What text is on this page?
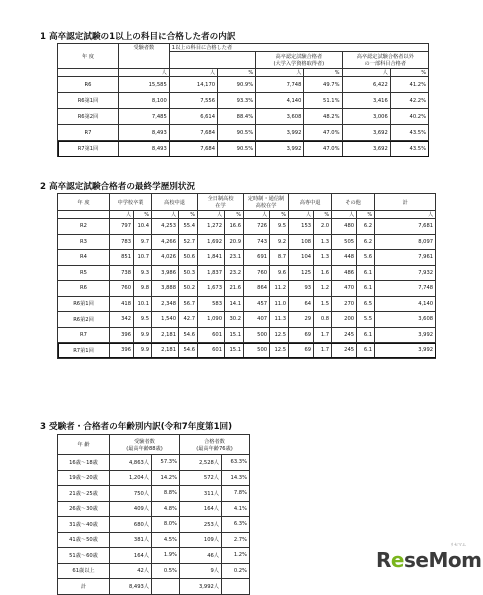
1 高卒認定試験の1以上の科目に合格した者の内訳
年 度	受験者数	1以上の科目に合格した者					
				高卒認定試験合格者
(大学入学資格取得者)		高卒認定試験合格者以外
の一部科目合格者	

	人	人	%	人	%	人	%
R6	15,585	14,170	90.9%	7,748	49.7%	6,422	41.2%
R6第1回	8,100	7,556	93.3%	4,140	51.1%	3,416	42.2%
R6第2回	7,485	6,614	88.4%	3,608	48.2%	3,006	40.2%
R7	8,493	7,684	90.5%	3,992	47.0%	3,692	43.5%
R7第1回	8,493	7,684	90.5%	3,992	47.0%	3,692	43.5%
2 高卒認定試験合格者の最終学歴別状況
年 度	中学校卒業		高校中退		全日制高校
在学		定時制・通信制
高校在学		高専中退		その他		計
	人	%	人	%	人	%	人	%	人	%	人	%	人
R2	797	10.4	4,253	55.4	1,272	16.6	726	9.5	153	2.0	480	6.2	7,681
R3	783	9.7	4,266	52.7	1,692	20.9	743	9.2	108	1.3	505	6.2	8,097
R4	851	10.7	4,026	50.6	1,841	23.1	691	8.7	104	1.3	448	5.6	7,961
R5	738	9.3	3,986	50.3	1,837	23.2	760	9.6	125	1.6	486	6.1	7,932
R6	760	9.8	3,888	50.2	1,673	21.6	864	11.2	93	1.2	470	6.1	7,748
R6第1回	418	10.1	2,348	56.7	583	14.1	457	11.0	64	1.5	270	6.5	4,140
R6第2回	342	9.5	1,540	42.7	1,090	30.2	407	11.3	29	0.8	200	5.5	3,608
R7	396	9.9	2,181	54.6	601	15.1	500	12.5	69	1.7	245	6.1	3,992
R7第1回	396	9.9	2,181	54.6	601	15.1	500	12.5	69	1.7	245	6.1	3,992
3 受験者・合格者の年齢別内訳(令和7年度第1回)
年 齢	受験者数
(最高年齢88歳)		合格者数
(最高年齢76歳)	
16歳～18歳	4,863人	57.3%	2,528人	63.3%
19歳～20歳	1,204人	14.2%	572人	14.3%
21歳～25歳	750人	8.8%	311人	7.8%
26歳～30歳	409人	4.8%	164人	4.1%
31歳～40歳	680人	8.0%	253人	6.3%
41歳～50歳	381人	4.5%	109人	2.7%
51歳～60歳	164人	1.9%	46人	1.2%
61歳以上	42人	0.5%	9人	0.2%
計	8,493人		3,992人	
ReseMom
リセマム
